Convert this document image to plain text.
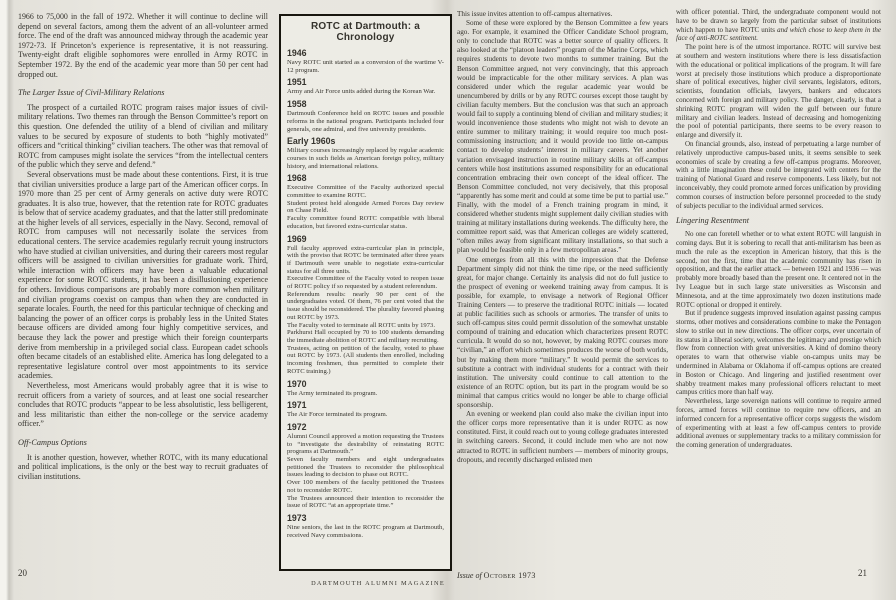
1966 to 75,000 in the fall of 1972. Whether it will continue to decline will depend on several factors, among them the advent of an all-volunteer armed force. The end of the draft was announced midway through the academic year 1972-73. If Princeton’s experience is representative, it is not reassuring. Twenty-eight draft eligible sophomores were enrolled in Army ROTC in September 1972. By the end of the academic year more than 50 per cent had dropped out.

The Larger Issue of Civil-Military Relations

The prospect of a curtailed ROTC program raises major issues of civil-military relations. Two themes ran through the Benson Committee’s report on this question. One defended the utility of a blend of civilian and military values to be secured by exposure of students to both “highly motivated” officers and “critical thinking” civilian teachers. The other was that removal of ROTC from campuses might isolate the services “from the intellectual centers of the public which they serve and defend.”

Several observations must be made about these contentions. First, it is true that civilian universities produce a large part of the American officer corps. In 1970 more than 25 per cent of Army generals on active duty were ROTC graduates. It is also true, however, that the retention rate for ROTC graduates is below that of service academy graduates, and that the latter still predominate at the higher levels of all services, especially in the Navy. Second, removal of ROTC from campuses will not necessarily isolate the services from educational centers. The service academies regularly recruit young instructors who have studied at civilian universities, and during their careers most regular officers will be assigned to civilian universities for graduate work. Third, while interaction with officers may have been a valuable educational experience for some ROTC students, it has been a disillusioning experience for others. Invidious comparisons are probably more common when military and civilian programs coexist on campus than when they are conducted in separate locales. Fourth, the need for this particular technique of checking and balancing the power of an officer corps is probably less in the United States because officers are divided among four highly competitive services, and because they lack the power and prestige which their foreign counterparts derive from membership in a privileged social class. European cadet schools often became citadels of an established elite. America has long delegated to a representative legislature control over most appointments to its service academies.

Nevertheless, most Americans would probably agree that it is wise to recruit officers from a variety of sources, and at least one social researcher concludes that ROTC products “appear to be less absolutistic, less belligerent, and less militaristic than either the non-college or the service academy officer.”

Off-Campus Options

It is another question, however, whether ROTC, with its many educational and political implications, is the only or the best way to recruit graduates of civilian institutions.

ROTC at Dartmouth: a Chronology
1946

Navy ROTC unit started as a conversion of the wartime V-12 program.

1951

Army and Air Force units added during the Korean War.

1958

Dartmouth Conference held on ROTC issues and possible reforms in the national program. Participants included four generals, one admiral, and five university presidents.

Early 1960s

Military courses increasingly replaced by regular academic courses in such fields as American foreign policy, military history, and international relations.

1968

Executive Committee of the Faculty authorized special committee to examine ROTC.

Student protest held alongside Armed Forces Day review on Chase Field.

Faculty committee found ROTC compatible with liberal education, but favored extra-curricular status.

1969

Full faculty approved extra-curricular plan in principle, with the proviso that ROTC be terminated after three years if Dartmouth were unable to negotiate extra-curricular status for all three units.

Executive Committee of the Faculty voted to reopen issue of ROTC policy if so requested by a student referendum.

Referendum results: nearly 90 per cent of the undergraduates voted. Of them, 76 per cent voted that the issue should be reconsidered. The plurality favored phasing out ROTC by 1973.

The Faculty voted to terminate all ROTC units by 1973.

Parkhurst Hall occupied by 70 to 100 students demanding the immediate abolition of ROTC and military recruiting.

Trustees, acting on petition of the faculty, voted to phase out ROTC by 1973. (All students then enrolled, including incoming freshmen, thus permitted to complete their ROTC training.)

1970

The Army terminated its program.

1971

The Air Force terminated its program.

1972

Alumni Council approved a motion requesting the Trustees to “investigate the desirability of reinstating ROTC programs at Dartmouth.”

Seven faculty members and eight undergraduates petitioned the Trustees to reconsider the philosophical issues leading to decision to phase out ROTC.

Over 100 members of the faculty petitioned the Trustees not to reconsider ROTC.

The Trustees announced their intention to reconsider the issue of ROTC “at an appropriate time.”

1973

Nine seniors, the last in the ROTC program at Dartmouth, received Navy commissions.

This issue invites attention to off-campus alternatives.

Some of these were explored by the Benson Committee a few years ago. For example, it examined the Officer Candidate School program, only to conclude that ROTC was a better source of quality officers. It also looked at the “platoon leaders” program of the Marine Corps, which requires students to devote two months to summer training. But the Benson Committee argued, not very convincingly, that this approach would be impracticable for the other military services. A plan was considered under which the regular academic year would be unencumbered by drills or by any ROTC courses except those taught by civilian faculty members. But the conclusion was that such an approach would fail to supply a continuing blend of civilian and military studies; it would inconvenience those students who might not wish to devote an entire summer to military training; it would require too much post-commissioning instruction; and it would provide too little on-campus contact to develop students’ interest in military careers. Yet another variation envisaged instruction in routine military skills at off-campus centers while host institutions assumed responsibility for an educational concentration embracing their own concept of the ideal officer. The Benson Committee concluded, not very decisively, that this proposal “apparently has some merit and could at some time be put to partial use.” Finally, with the model of a French training program in mind, it considered whether students might supplement daily civilian studies with training at military installations during weekends. The difficulty here, the committee report said, was that American colleges are widely scattered, “often miles away from significant military installations, so that such a plan would be feasible only in a few metropolitan areas.”

One emerges from all this with the impression that the Defense Department simply did not think the time ripe, or the need sufficiently great, for major change. Certainly its analysis did not do full justice to the prospect of evening or weekend training away from campus. It is possible, for example, to envisage a network of Regional Officer Training Centers — to preserve the traditional ROTC initials — located at public facilities such as schools or armories. The transfer of units to such off-campus sites could permit dissolution of the somewhat unstable compound of training and education which characterizes present ROTC curricula. It would do so not, however, by making ROTC courses more “civilian,” an effort which sometimes produces the worse of both worlds, but by making them more “military.” It would permit the services to substitute a contract with individual students for a contract with their institution. The university could continue to call attention to the existence of an ROTC option, but its part in the program would be so minimal that campus critics would no longer be able to charge official sponsorship.

An evening or weekend plan could also make the civilian input into the officer corps more representative than it is under ROTC as now constituted. First, it could reach out to young college graduates interested in switching careers. Second, it could include men who are not now attracted to ROTC in sufficient numbers — members of minority groups, dropouts, and recently discharged enlisted men

with officer potential. Third, the undergraduate component would not have to be drawn so largely from the particular subset of institutions which happen to have ROTC units and which chose to keep them in the face of anti-ROTC sentiment.

The point here is of the utmost importance. ROTC will survive best at southern and western institutions where there is less dissatisfaction with the educational or political implications of the program. It will fare worst at precisely those institutions which produce a disproportionate share of political executives, higher civil servants, legislators, editors, scientists, foundation officials, lawyers, bankers and educators concerned with foreign and military policy. The danger, clearly, is that a shrinking ROTC program will widen the gulf between our future military and civilian leaders. Instead of decreasing and homogenizing the pool of potential participants, there seems to be every reason to enlarge and diversify it.

On financial grounds, also, instead of perpetuating a large number of relatively unproductive campus-based units, it seems sensible to seek economies of scale by creating a few off-campus programs. Moreover, with a little imagination these could be integrated with centers for the training of National Guard and reserve components. Less likely, but not inconceivably, they could promote armed forces unification by providing common courses of instruction before personnel proceeded to the study of subjects peculiar to the individual armed services.

Lingering Resentment

No one can foretell whether or to what extent ROTC will languish in coming days. But it is sobering to recall that anti-militarism has been as much the rule as the exception in American history, that this is the second, not the first, time that the academic community has risen in opposition, and that the earlier attack — between 1921 and 1936 — was probably more broadly based than the present one. It centered not in the Ivy League but in such large state universities as Wisconsin and Minnesota, and at the time approximately two dozen institutions made ROTC optional or dropped it entirely.

But if prudence suggests improved insulation against passing campus storms, other motives and considerations combine to make the Pentagon slow to strike out in new directions. The officer corps, ever uncertain of its status in a liberal society, welcomes the legitimacy and prestige which flow from connection with great universities. A kind of domino theory operates to warn that otherwise viable on-campus units may be undermined in Alabama or Oklahoma if off-campus options are created in Boston or Chicago. And lingering and justified resentment over shabby treatment makes many professional officers reluctant to meet campus critics more than half way.

Nevertheless, large sovereign nations will continue to require armed forces, armed forces will continue to require new officers, and an informed concern for a representative officer corps suggests the wisdom of experimenting with at least a few off-campus centers to provide additional avenues or supplementary tracks to a military commission for the coming generation of undergraduates.

20
DARTMOUTH ALUMNI MAGAZINE
Issue of October 1973	21
